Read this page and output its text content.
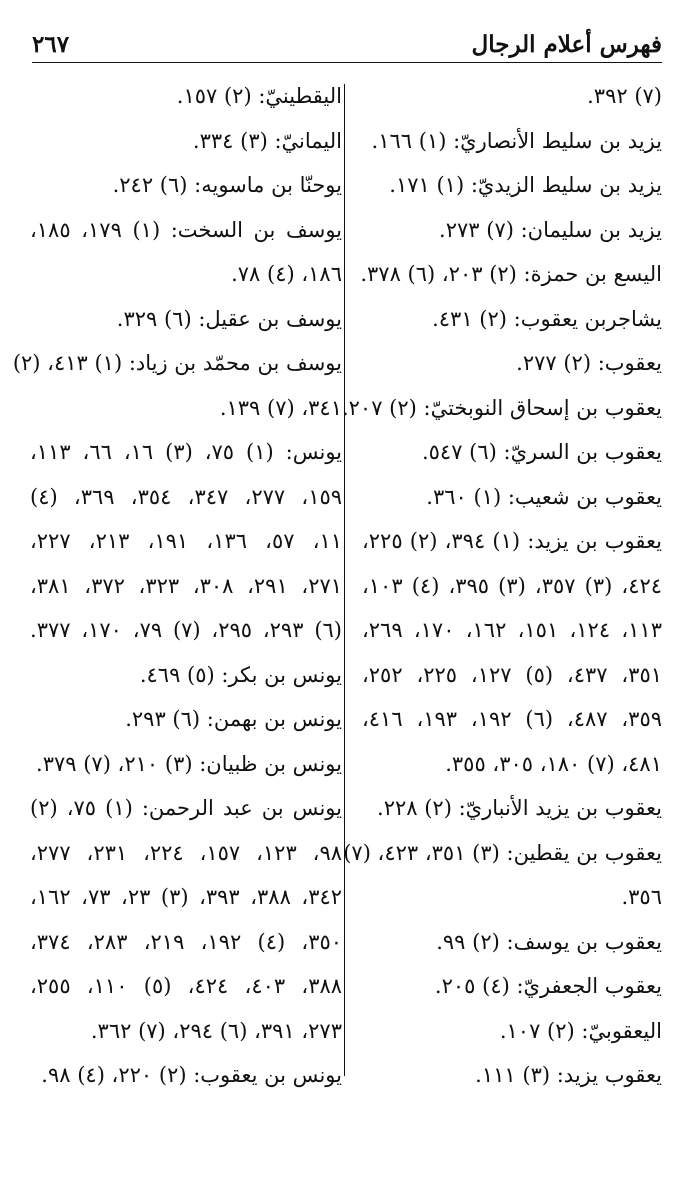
فهرس أعلام الرجال
٢٦٧
(٧) ٣٩٢.
يزيد بن سليط الأنصاريّ: (١) ١٦٦.
يزيد بن سليط الزيديّ: (١) ١٧١.
يزيد بن سليمان: (٧) ٢٧٣.
اليسع بن حمزة: (٢) ٢٠٣، (٦) ٣٧٨.
يشاجربن يعقوب: (٢) ٤٣١.
يعقوب: (٢) ٢٧٧.
يعقوب بن إسحاق النوبختيّ: (٢) ٢٠٧.
يعقوب بن السريّ: (٦) ٥٤٧.
يعقوب بن شعيب: (١) ٣٦٠.
يعقوب بن يزيد: (١) ٣٩٤، (٢) ٢٢٥،
٤٢٤، (٣) ٣٥٧، (٣) ٣٩٥، (٤) ١٠٣،
١١٣، ١٢٤، ١٥١، ١٦٢، ١٧٠، ٢٦٩،
٣٥١، ٤٣٧، (٥) ١٢٧، ٢٢٥، ٢٥٢،
٣٥٩، ٤٨٧، (٦) ١٩٢، ١٩٣، ٤١٦،
٤٨١، (٧) ١٨٠، ٣٠٥، ٣٥٥.
يعقوب بن يزيد الأنباريّ: (٢) ٢٢٨.
يعقوب بن يقطين: (٣) ٣٥١، ٤٢٣، (٧)
٣٥٦.
يعقوب بن يوسف: (٢) ٩٩.
يعقوب الجعفريّ: (٤) ٢٠٥.
اليعقوبيّ: (٢) ١٠٧.
يعقوب يزيد: (٣) ١١١.
اليقطينيّ: (٢) ١٥٧.
اليمانيّ: (٣) ٣٣٤.
يوحنّا بن ماسويه: (٦) ٢٤٢.
يوسف بن السخت: (١) ١٧٩، ١٨٥،
١٨٦، (٤) ٧٨.
يوسف بن عقيل: (٦) ٣٢٩.
يوسف بن محمّد بن زياد: (١) ٤١٣، (٢)
٣٤١، (٧) ١٣٩.
يونس: (١) ٧٥، (٣) ١٦، ٦٦، ١١٣،
١٥٩، ٢٧٧، ٣٤٧، ٣٥٤، ٣٦٩، (٤)
١١، ٥٧، ١٣٦، ١٩١، ٢١٣، ٢٢٧،
٢٧١، ٢٩١، ٣٠٨، ٣٢٣، ٣٧٢، ٣٨١،
(٦) ٢٩٣، ٢٩٥، (٧) ٧٩، ١٧٠، ٣٧٧.
يونس بن بكر: (٥) ٤٦٩.
يونس بن بهمن: (٦) ٢٩٣.
يونس بن ظبيان: (٣) ٢١٠، (٧) ٣٧٩.
يونس بن عبد الرحمن: (١) ٧٥، (٢)
٩٨، ١٢٣، ١٥٧، ٢٢٤، ٢٣١، ٢٧٧،
٣٤٢، ٣٨٨، ٣٩٣، (٣) ٢٣، ٧٣، ١٦٢،
٣٥٠، (٤) ١٩٢، ٢١٩، ٢٨٣، ٣٧٤،
٣٨٨، ٤٠٣، ٤٢٤، (٥) ١١٠، ٢٥٥،
٢٧٣، ٣٩١، (٦) ٢٩٤، (٧) ٣٦٢.
يونس بن يعقوب: (٢) ٢٢٠، (٤) ٩٨.
